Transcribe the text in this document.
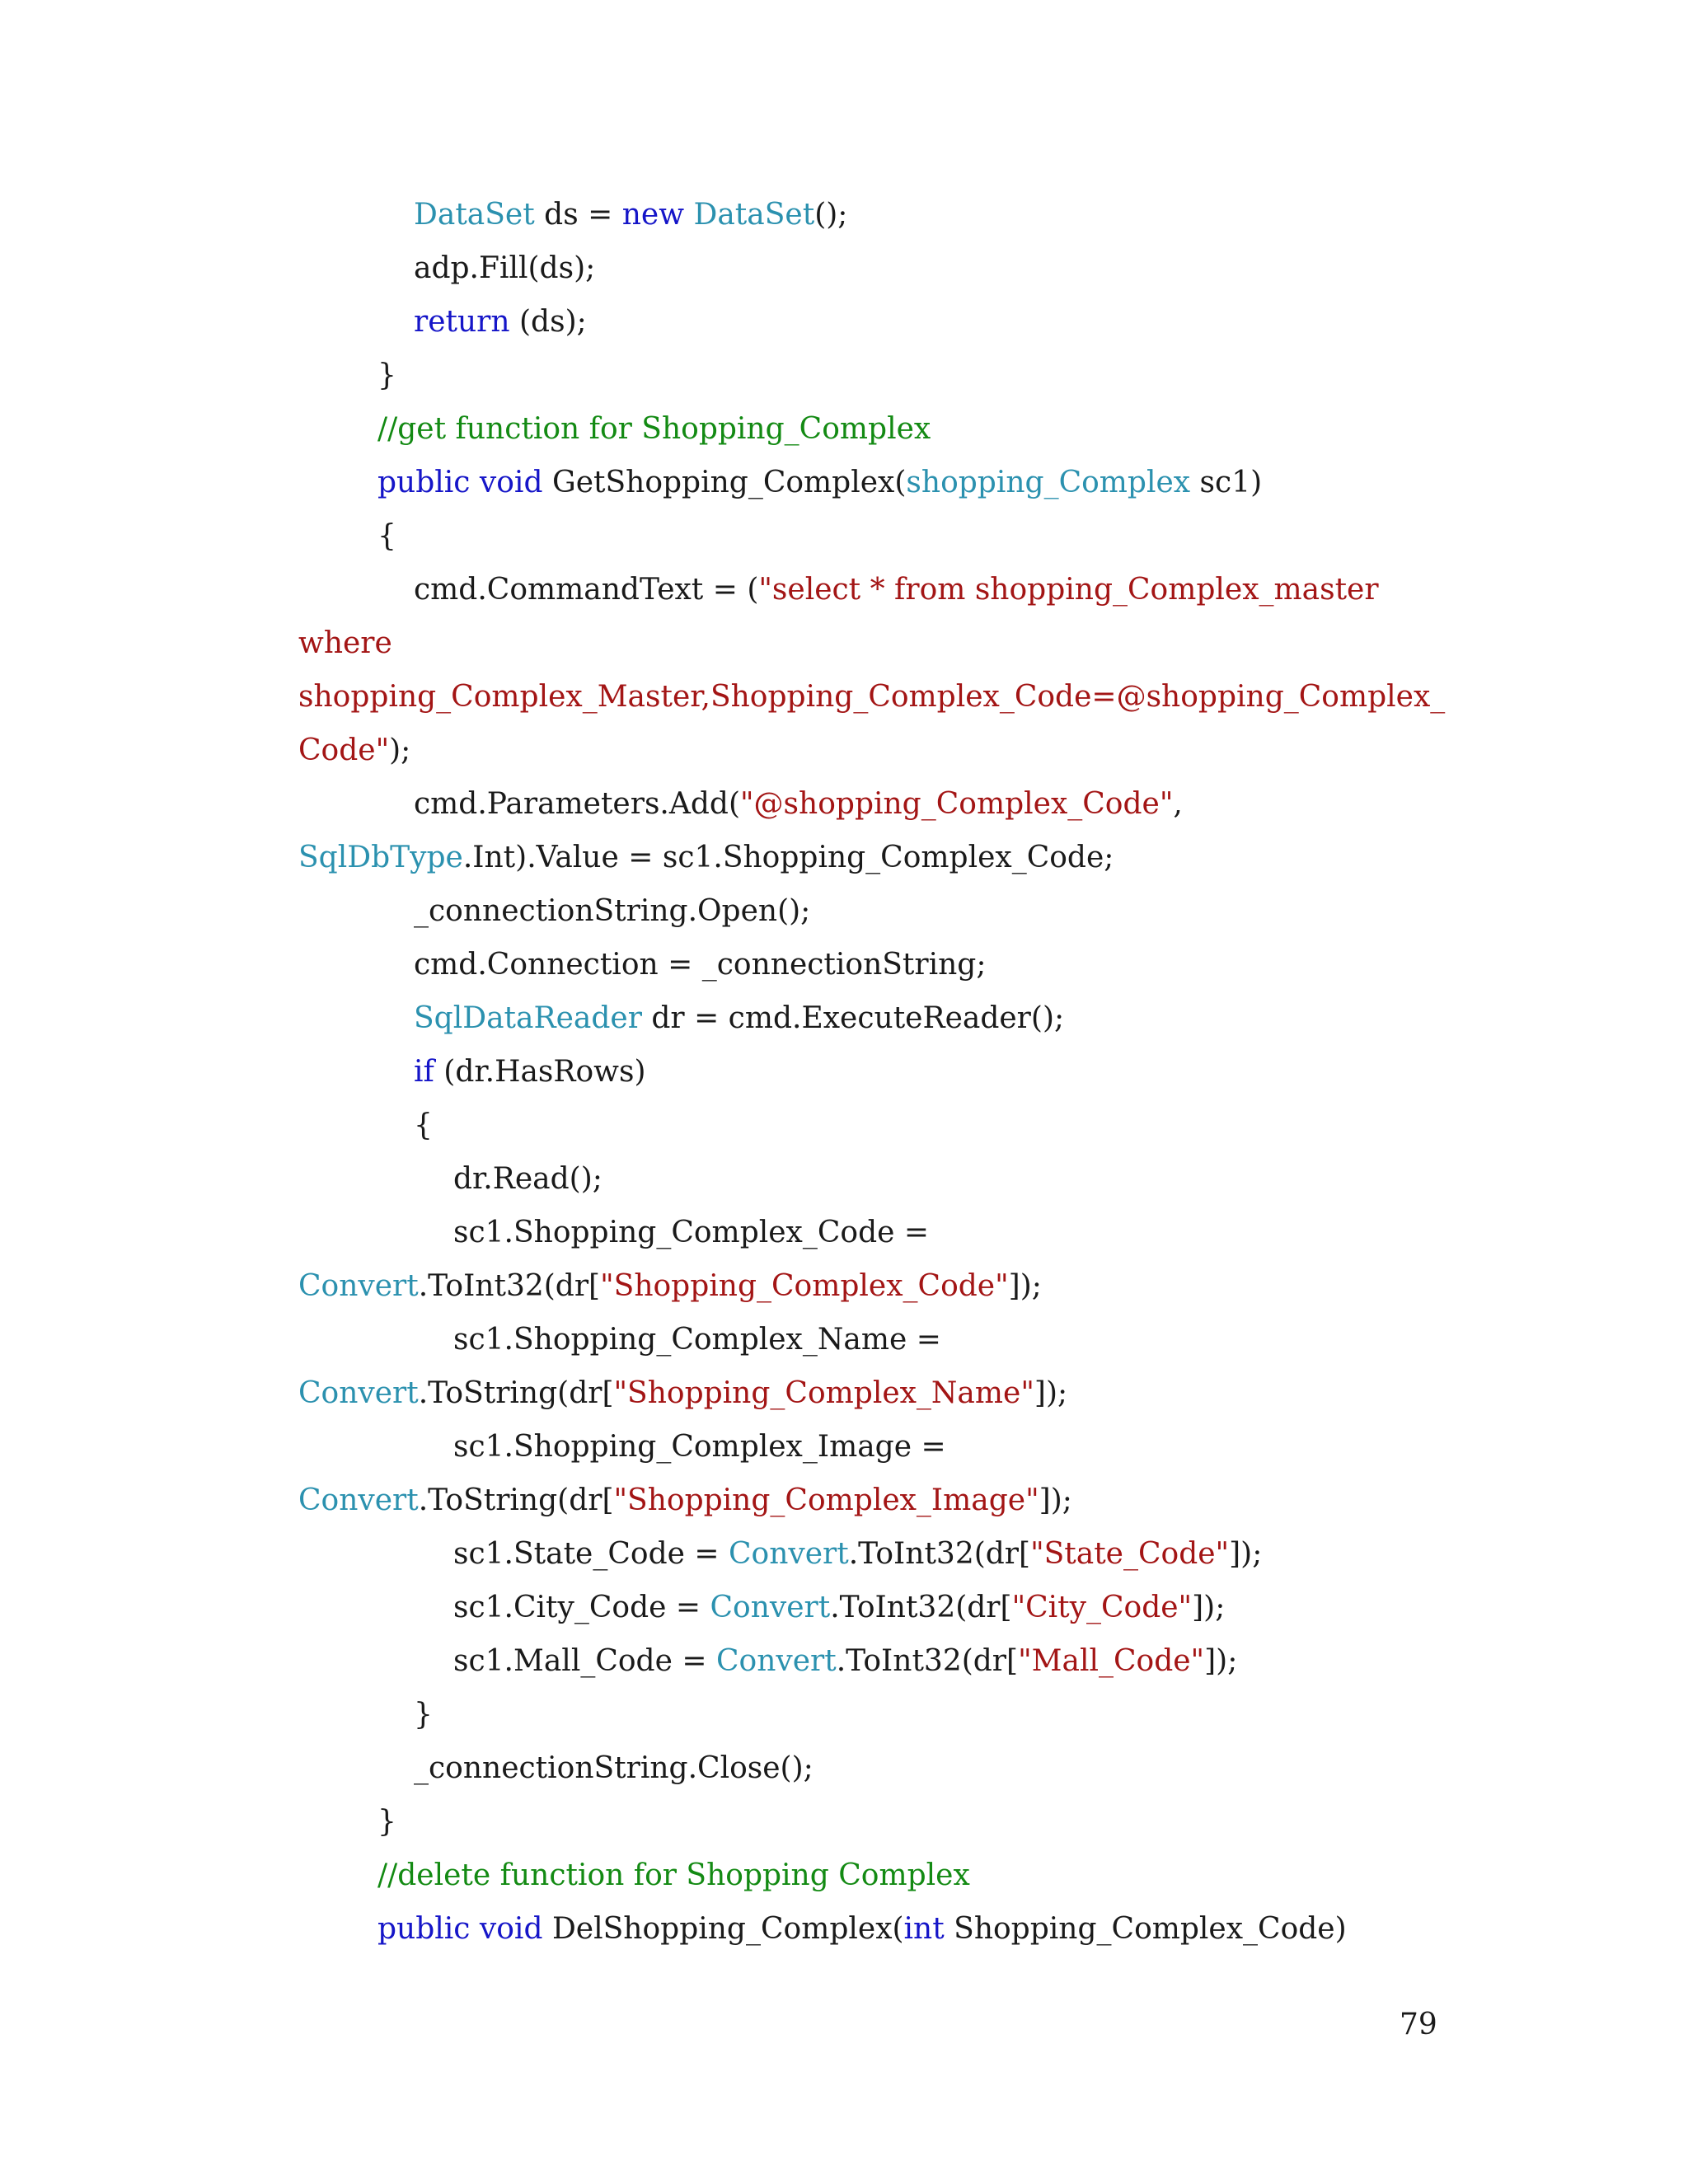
DataSet ds = new DataSet();
adp.Fill(ds);
return (ds);
}
//get function for Shopping_Complex
public void GetShopping_Complex(shopping_Complex sc1)
{
cmd.CommandText = ("select * from shopping_Complex_master
where
shopping_Complex_Master,Shopping_Complex_Code=@shopping_Complex_
Code");
cmd.Parameters.Add("@shopping_Complex_Code",
SqlDbType.Int).Value = sc1.Shopping_Complex_Code;
_connectionString.Open();
cmd.Connection = _connectionString;
SqlDataReader dr = cmd.ExecuteReader();
if (dr.HasRows)
{
dr.Read();
sc1.Shopping_Complex_Code =
Convert.ToInt32(dr["Shopping_Complex_Code"]);
sc1.Shopping_Complex_Name =
Convert.ToString(dr["Shopping_Complex_Name"]);
sc1.Shopping_Complex_Image =
Convert.ToString(dr["Shopping_Complex_Image"]);
sc1.State_Code = Convert.ToInt32(dr["State_Code"]);
sc1.City_Code = Convert.ToInt32(dr["City_Code"]);
sc1.Mall_Code = Convert.ToInt32(dr["Mall_Code"]);
}
_connectionString.Close();
}
//delete function for Shopping Complex
public void DelShopping_Complex(int Shopping_Complex_Code)
79
